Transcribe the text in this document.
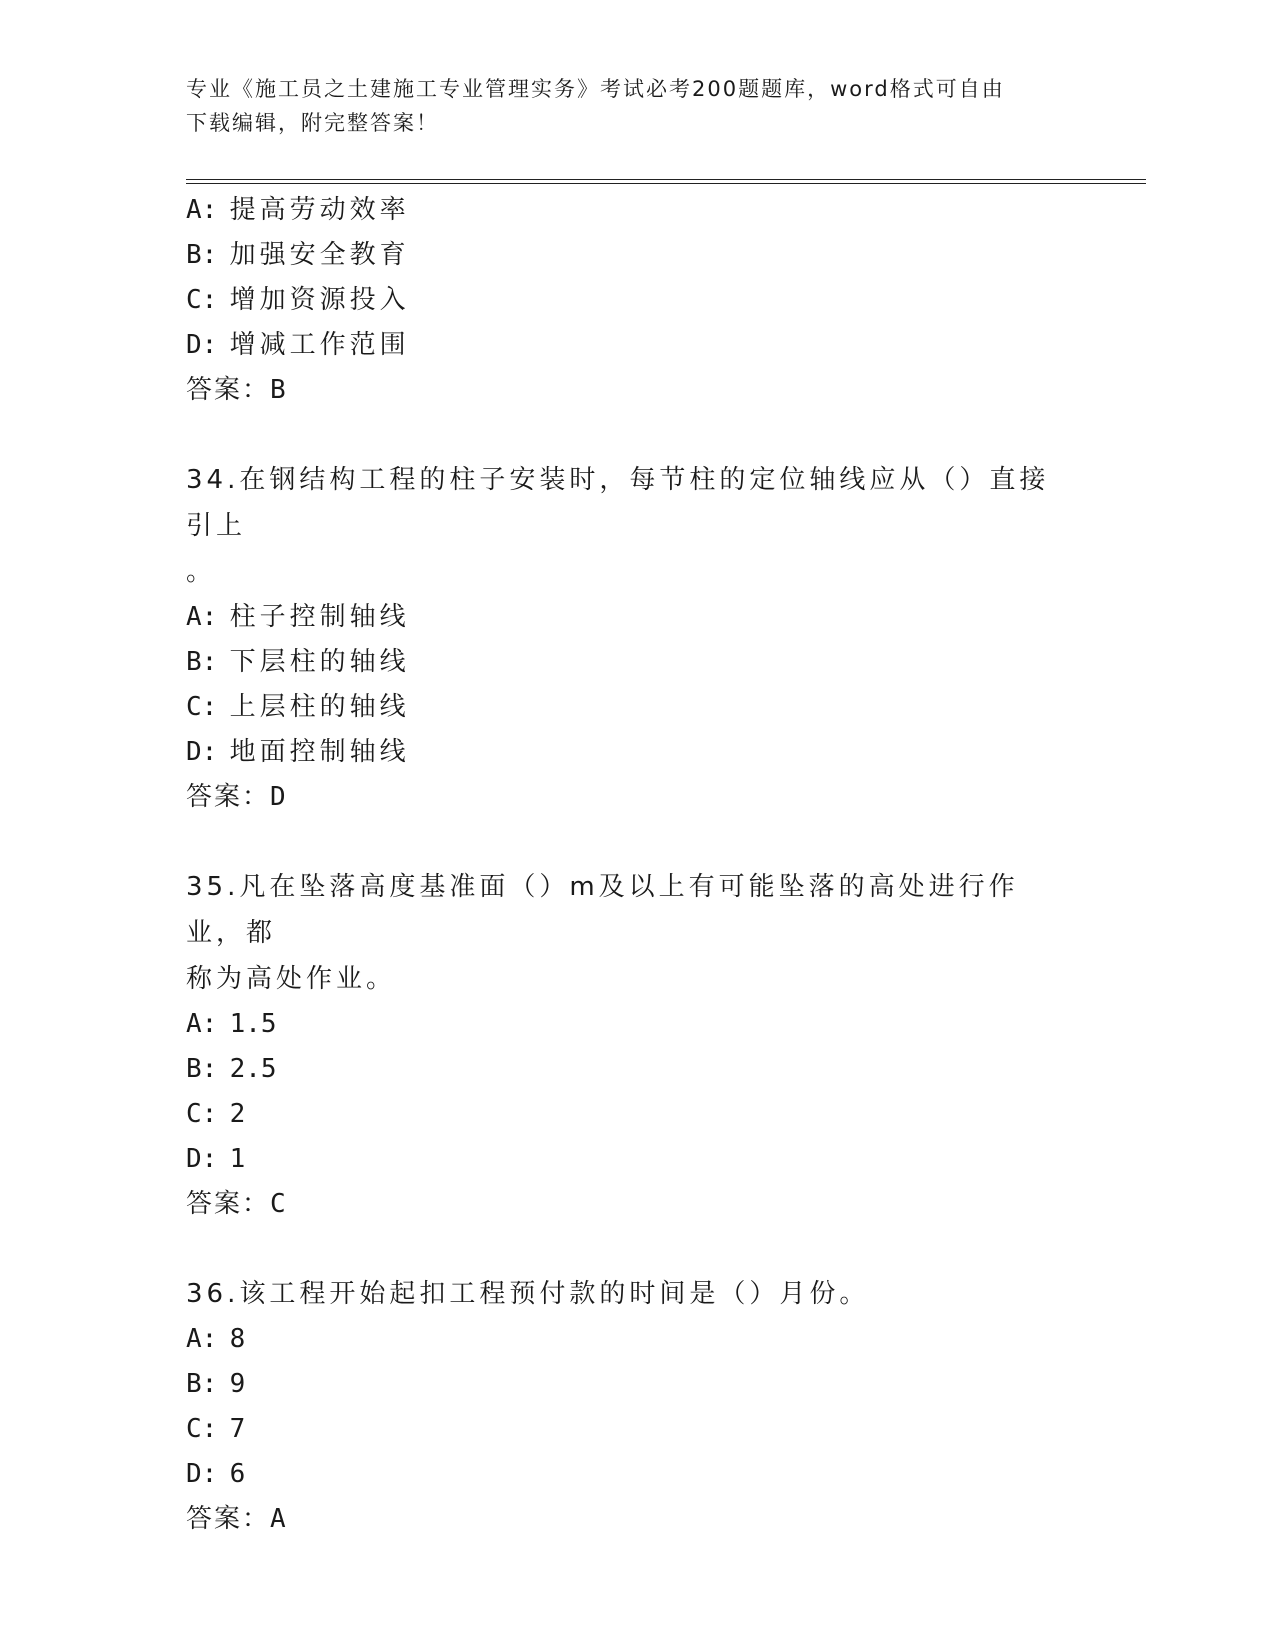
专业《施工员之土建施工专业管理实务》考试必考200题题库，word格式可自由
下载编辑，附完整答案！
A: 提高劳动效率
B: 加强安全教育
C: 增加资源投入
D: 增减工作范围
答案：B
34.在钢结构工程的柱子安装时，每节柱的定位轴线应从（）直接引上
。
A: 柱子控制轴线
B: 下层柱的轴线
C: 上层柱的轴线
D: 地面控制轴线
答案：D
35.凡在坠落高度基准面（）m及以上有可能坠落的高处进行作业，都
称为高处作业。
A: 1.5
B: 2.5
C: 2
D: 1
答案：C
36.该工程开始起扣工程预付款的时间是（）月份。
A: 8
B: 9
C: 7
D: 6
答案：A
